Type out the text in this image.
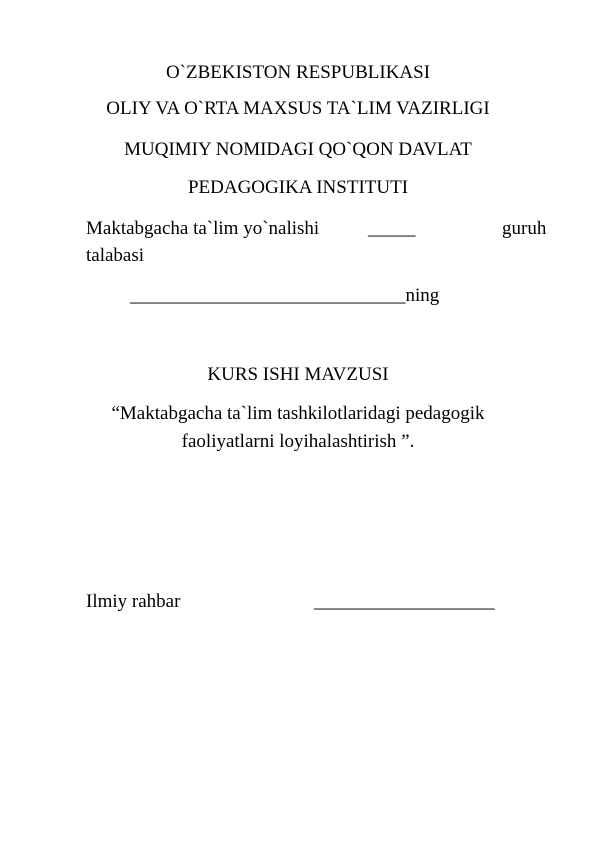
O`ZBEKISTON RESPUBLIKASI
OLIY VA O`RTA MAXSUS TA`LIM VAZIRLIGI
MUQIMIY NOMIDAGI QO`QON DAVLAT
PEDAGOGIKA INSTITUTI
Maktabgacha ta`lim yo`nalishi	_____	guruh
talabasi
_____________________________ning
KURS ISHI MAVZUSI
“Maktabgacha ta`lim tashkilotlaridagi pedagogik
faoliyatlarni loyihalashtirish ”.
Ilmiy rahbar	___________________
